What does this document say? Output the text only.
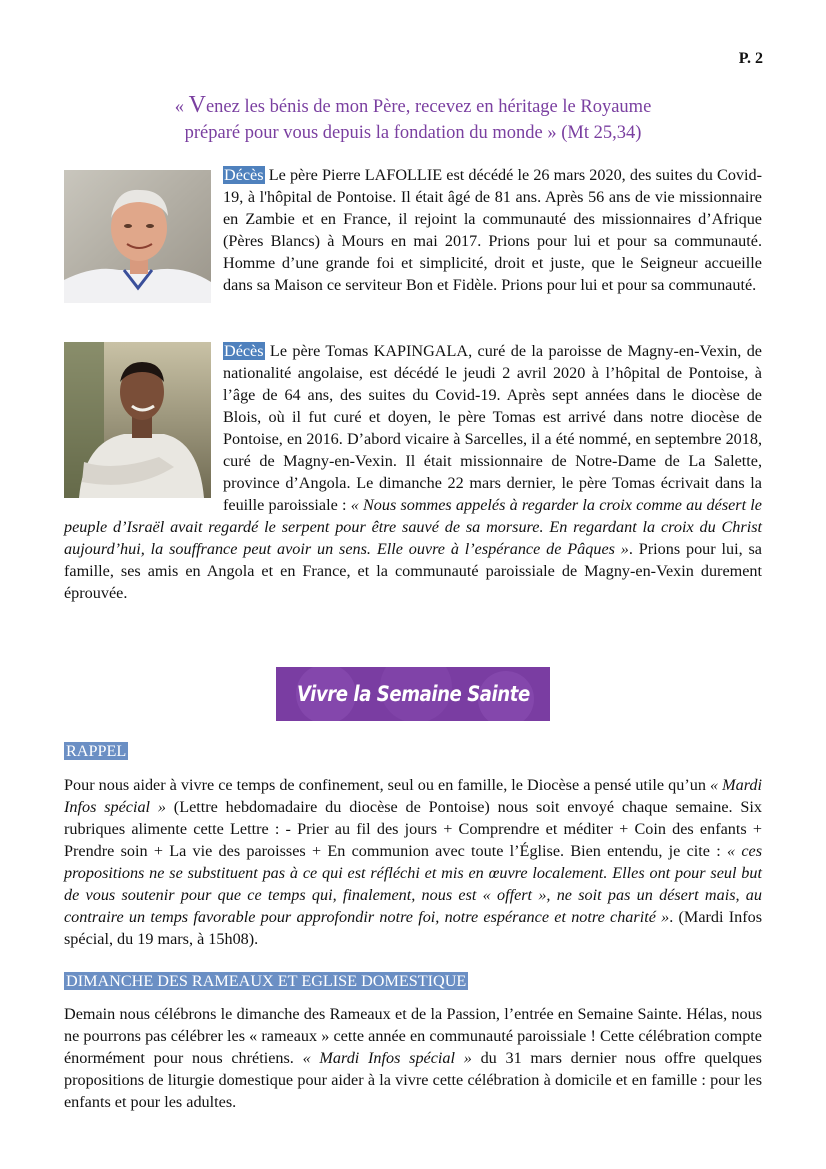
P. 2
« Venez les bénis de mon Père, recevez en héritage le Royaume
préparé pour vous depuis la fondation du monde » (Mt 25,34)
Décès Le père Pierre LAFOLLIE est décédé le 26 mars 2020, des suites du Covid-19, à l'hôpital de Pontoise. Il était âgé de 81 ans. Après 56 ans de vie missionnaire en Zambie et en France, il rejoint la communauté des missionnaires d’Afrique (Pères Blancs) à Mours en mai 2017. Prions pour lui et pour sa communauté. Homme d’une grande foi et simplicité, droit et juste, que le Seigneur accueille dans sa Maison ce serviteur Bon et Fidèle. Prions pour lui et pour sa communauté.
Décès Le père Tomas KAPINGALA, curé de la paroisse de Magny-en-Vexin, de nationalité angolaise, est décédé le jeudi 2 avril 2020 à l’hôpital de Pontoise, à l’âge de 64 ans, des suites du Covid-19. Après sept années dans le diocèse de Blois, où il fut curé et doyen, le père Tomas est arrivé dans notre diocèse de Pontoise, en 2016. D’abord vicaire à Sarcelles, il a été nommé, en septembre 2018, curé de Magny-en-Vexin. Il était missionnaire de Notre-Dame de La Salette, province d’Angola. Le dimanche 22 mars dernier, le père Tomas écrivait dans la feuille paroissiale : « Nous sommes appelés à regarder la croix comme au désert le peuple d’Israël avait regardé le serpent pour être sauvé de sa morsure. En regardant la croix du Christ aujourd’hui, la souffrance peut avoir un sens. Elle ouvre à l’espérance de Pâques ». Prions pour lui, sa famille, ses amis en Angola et en France, et la communauté paroissiale de Magny-en-Vexin durement éprouvée.
Vivre la Semaine Sainte
RAPPEL
Pour nous aider à vivre ce temps de confinement, seul ou en famille, le Diocèse a pensé utile qu’un « Mardi Infos spécial » (Lettre hebdomadaire du diocèse de Pontoise) nous soit envoyé chaque semaine. Six rubriques alimente cette Lettre : - Prier au fil des jours + Comprendre et méditer + Coin des enfants + Prendre soin + La vie des paroisses + En communion avec toute l’Église. Bien entendu, je cite : « ces propositions ne se substituent pas à ce qui est réfléchi et mis en œuvre localement. Elles ont pour seul but de vous soutenir pour que ce temps qui, finalement, nous est « offert », ne soit pas un désert mais, au contraire un temps favorable pour approfondir notre foi, notre espérance et notre charité ». (Mardi Infos spécial, du 19 mars, à 15h08).
DIMANCHE DES RAMEAUX ET EGLISE DOMESTIQUE
Demain nous célébrons le dimanche des Rameaux et de la Passion, l’entrée en Semaine Sainte. Hélas, nous ne pourrons pas célébrer les « rameaux » cette année en communauté paroissiale ! Cette célébration compte énormément pour nous chrétiens. « Mardi Infos spécial » du 31 mars dernier nous offre quelques propositions de liturgie domestique pour aider à la vivre cette célébration à domicile et en famille : pour les enfants et pour les adultes.
